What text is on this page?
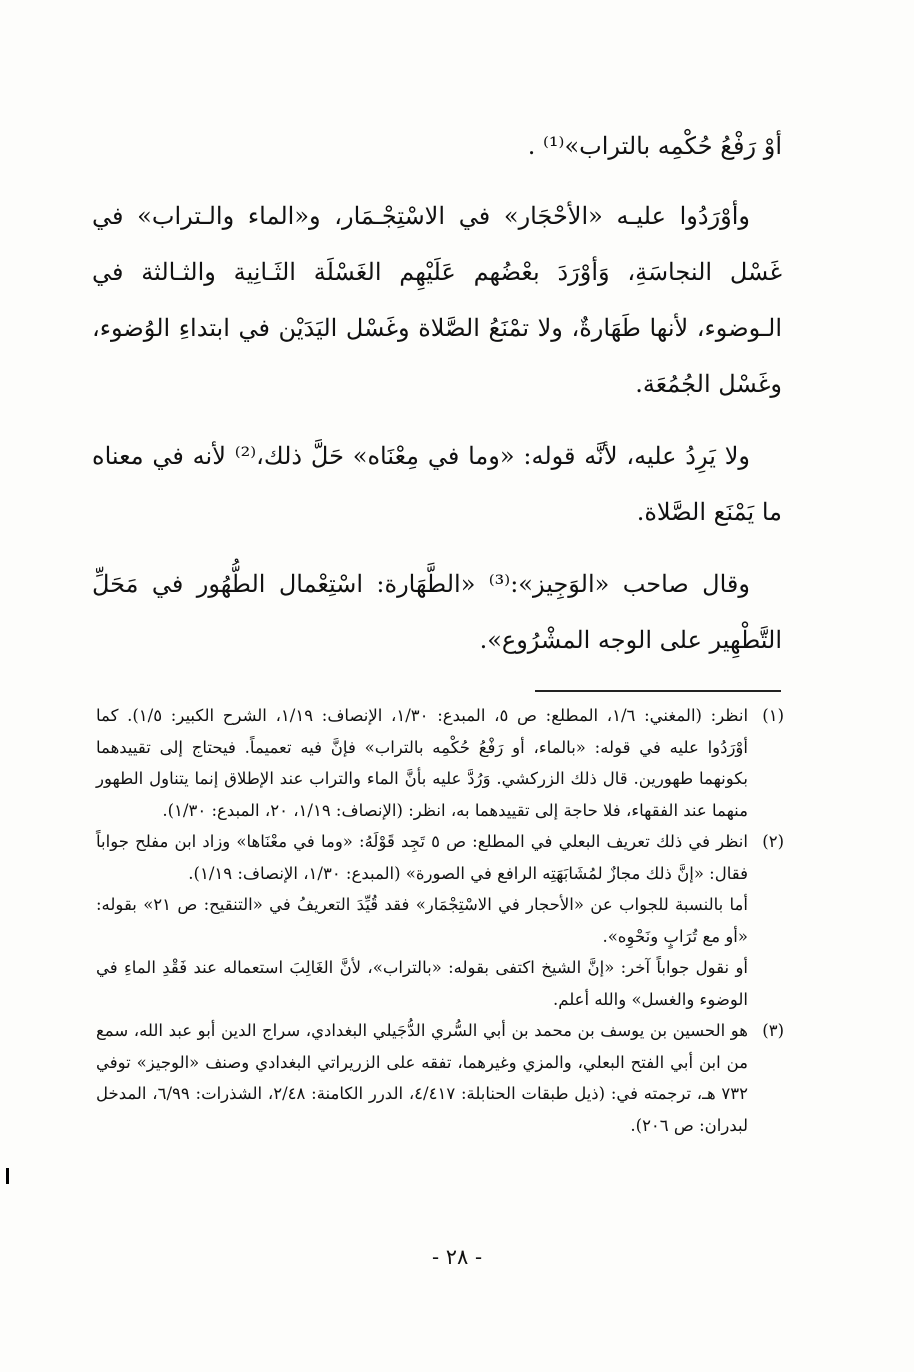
أوْ رَفْعُ حُكْمِه بالتراب»⁽¹⁾ .

وأوْرَدُوا عليـه «الأحْجَار» في الاسْتِجْـمَار، و«الماء والـتراب» في غَسْل النجاسَةِ، وَأوْرَدَ بعْضُهم عَلَيْهِم الغَسْلَة الثَـانِية والثـالثة في الـوضوء، لأنها طَهَارةٌ، ولا تمْنَعُ الصَّلاة وغَسْل اليَدَيْن في ابتداءِ الوُضوء، وغَسْل الجُمُعَة.

ولا يَرِدُ عليه، لأنَّه قوله: «وما في مِعْنَاه» حَلَّ ذلك،⁽²⁾ لأنه في معناه ما يَمْنَع الصَّلاة.

وقال صاحب «الوَجِيز»:⁽³⁾ «الطَّهَارة: اسْتِعْمال الطُّهُور في مَحَلِّ التَّطْهِير على الوجه المشْرُوع».

(١)
انظر: (المغني: ١/٦، المطلع: ص ٥، المبدع: ١/٣٠، الإنصاف: ١/١٩، الشرح الكبير: ١/٥). كما أوْرَدُوا عليه في قوله: «بالماء، أو رَفْعُ حُكْمِه بالتراب» فإنَّ فيه تعميماً. فيحتاج إلى تقييدهما بكونهما طهورين. قال ذلك الزركشي. وَرُدَّ عليه بأنَّ الماء والتراب عند الإطلاق إنما يتناول الطهور منهما عند الفقهاء، فلا حاجة إلى تقييدهما به، انظر: (الإنصاف: ١/١٩، ٢٠، المبدع: ١/٣٠).
(٢)
انظر في ذلك تعريف البعلي في المطلع: ص ٥ تَجِد قَوْلَهُ: «وما في معْنَاها» وزاد ابن مفلح جواباً فقال: «إنَّ ذلك مجازٌ لمُشَابَهَتِه الرافع في الصورة» (المبدع: ١/٣٠، الإنصاف: ١/١٩).

أما بالنسبة للجواب عن «الأحجار في الاسْتِجْمَار» فقد قُيِّدَ التعريفُ في «التنقيح: ص ٢١» بقوله: «أو مع تُرَابٍ ونَحْوِه».

أو نقول جواباً آخر: «إنَّ الشيخ اكتفى بقوله: «بالتراب»، لأنَّ الغَالِبَ استعماله عند فَقْدِ الماءِ في الوضوء والغسل» والله أعلم.

(٣)
هو الحسين بن يوسف بن محمد بن أبي السُّري الدُّجَيلي البغدادي، سراج الدين أبو عبد الله، سمع من ابن أبي الفتح البعلي، والمزي وغيرهما، تفقه على الزريراتي البغدادي وصنف «الوجيز» توفي ٧٣٢ هـ، ترجمته في: (ذيل طبقات الحنابلة: ٤/٤١٧، الدرر الكامنة: ٢/٤٨، الشذرات: ٦/٩٩، المدخل لبدران: ص ٢٠٦).
- ٢٨ -
